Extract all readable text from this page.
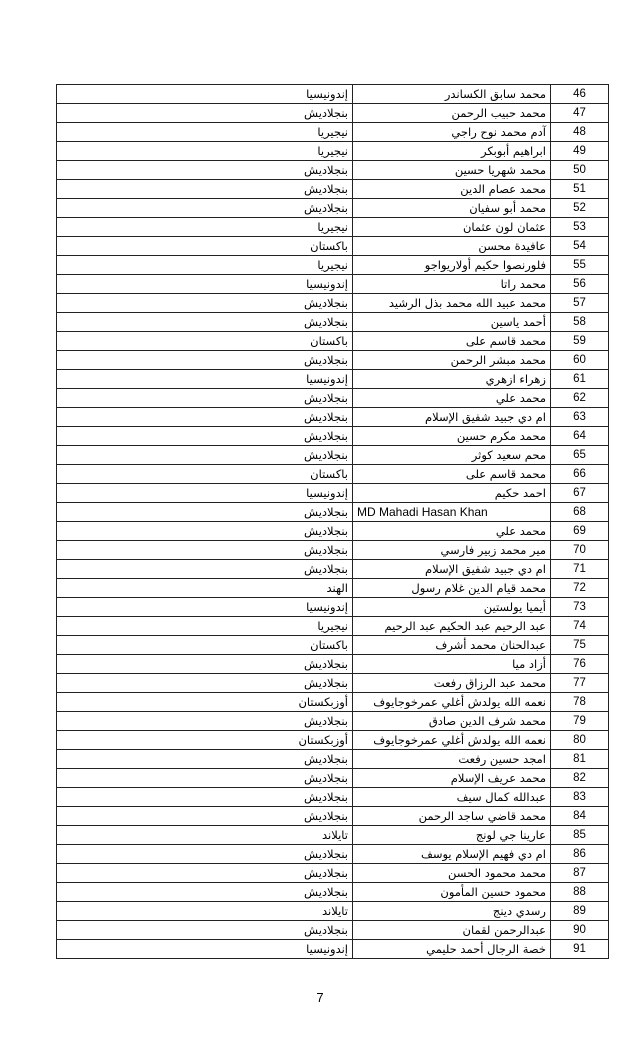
إندونيسيا	محمد سابق الكساندر	46
بنجلاديش	محمد حبيب الرحمن	47
نيجيريا	آدم محمد نوح راجي	48
نيجيريا	ابراهيم أبوبكر	49
بنجلاديش	محمد شهريا حسين	50
بنجلاديش	محمد عصام الدين	51
بنجلاديش	محمد أبو سفيان	52
نيجيريا	عثمان لون عثمان	53
باكستان	عافيدة محسن	54
نيجيريا	فلورنصوا حكيم أولاريواجو	55
إندونيسيا	محمد راتا	56
بنجلاديش	محمد عبيد الله محمد بذل الرشيد	57
بنجلاديش	أحمد ياسين	58
باكستان	محمد قاسم على	59
بنجلاديش	محمد مبشر الرحمن	60
إندونيسيا	زهراء ازهري	61
بنجلاديش	محمد علي	62
بنجلاديش	ام دي جبيد شفيق الإسلام	63
بنجلاديش	محمد مكرم حسين	64
بنجلاديش	محم سعيد كوثر	65
باكستان	محمد قاسم على	66
إندونيسيا	احمد حكيم	67
بنجلاديش	MD Mahadi Hasan Khan	68
بنجلاديش	محمد علي	69
بنجلاديش	مير محمد زبير فارسي	70
بنجلاديش	ام دي جبيد شفيق الإسلام	71
الهند	محمد قيام الدين غلام رسول	72
إندونيسيا	أيميا يولستين	73
نيجيريا	عبد الرحيم عبد الحكيم عبد الرحيم	74
باكستان	عبدالحنان محمد أشرف	75
بنجلاديش	أزاد ميا	76
بنجلاديش	محمد عبد الرزاق رفعت	77
أوزبكستان	نعمه الله يولدش أغلي عمرخوجايوف	78
بنجلاديش	محمد شرف الدين صادق	79
أوزبكستان	نعمه الله يولدش أغلي عمرخوجايوف	80
بنجلاديش	امجد حسين رفعت	81
بنجلاديش	محمد عريف الإسلام	82
بنجلاديش	عبدالله كمال سيف	83
بنجلاديش	محمد قاضي ساجد الرحمن	84
تايلاند	عارينا جي لونج	85
بنجلاديش	ام دي فهيم الإسلام يوسف	86
بنجلاديش	محمد محمود الحسن	87
بنجلاديش	محمود حسين المأمون	88
تايلاند	رسدي دينج	89
بنجلاديش	عبدالرحمن لقمان	90
إندونيسيا	خصة الرجال أحمد حليمي	91
7
